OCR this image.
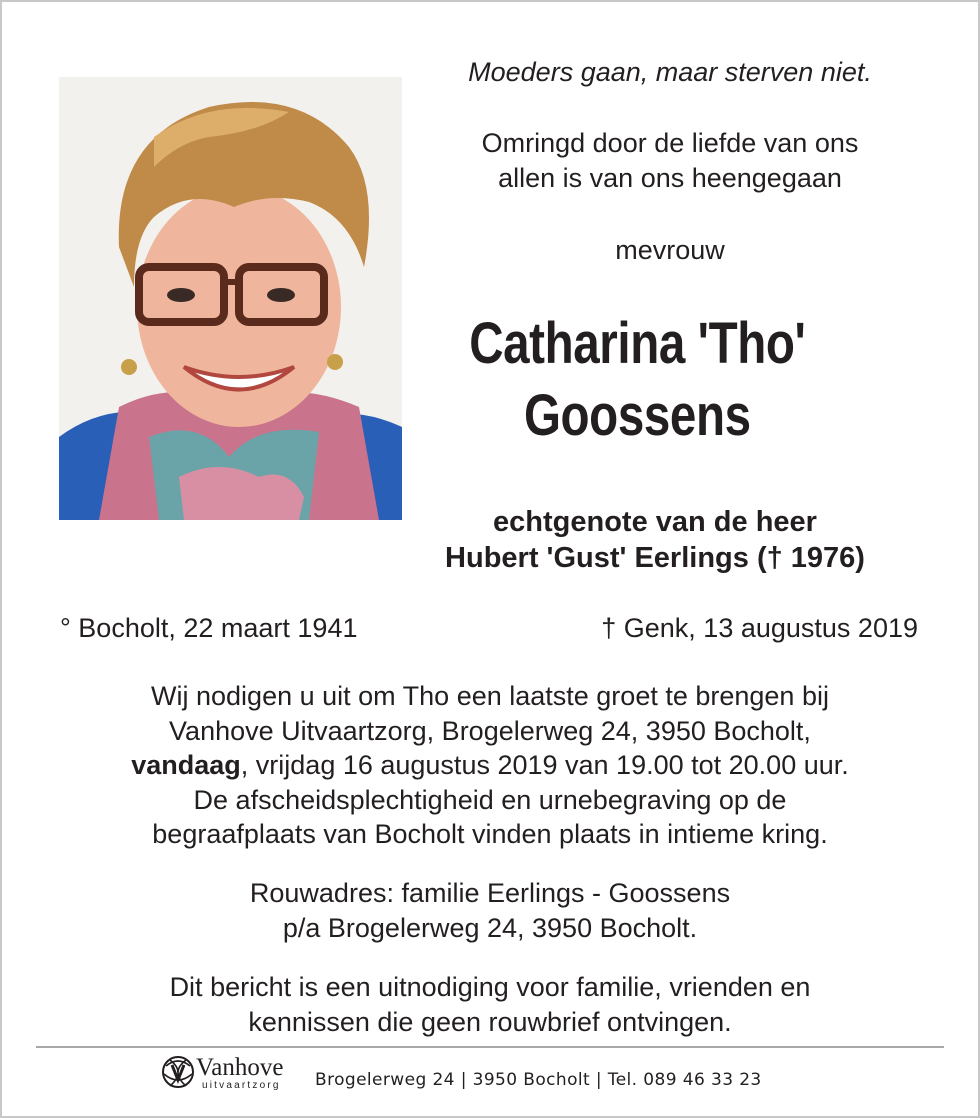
Moeders gaan, maar sterven niet.
Omringd door de liefde van ons
allen is van ons heengegaan
mevrouw
Catharina 'Tho'
Goossens
echtgenote van de heer
Hubert 'Gust' Eerlings († 1976)
° Bocholt, 22 maart 1941	† Genk, 13 augustus 2019
Wij nodigen u uit om Tho een laatste groet te brengen bij
Vanhove Uitvaartzorg, Brogelerweg 24, 3950 Bocholt,
vandaag, vrijdag 16 augustus 2019 van 19.00 tot 20.00 uur.
De afscheidsplechtigheid en urnebegraving op de
begraafplaats van Bocholt vinden plaats in intieme kring.
Rouwadres: familie Eerlings - Goossens
p/a Brogelerweg 24, 3950 Bocholt.
Dit bericht is een uitnodiging voor familie, vrienden en
kennissen die geen rouwbrief ontvingen.
Vanhove
uitvaartzorg Brogelerweg 24 | 3950 Bocholt | Tel. 089 46 33 23
